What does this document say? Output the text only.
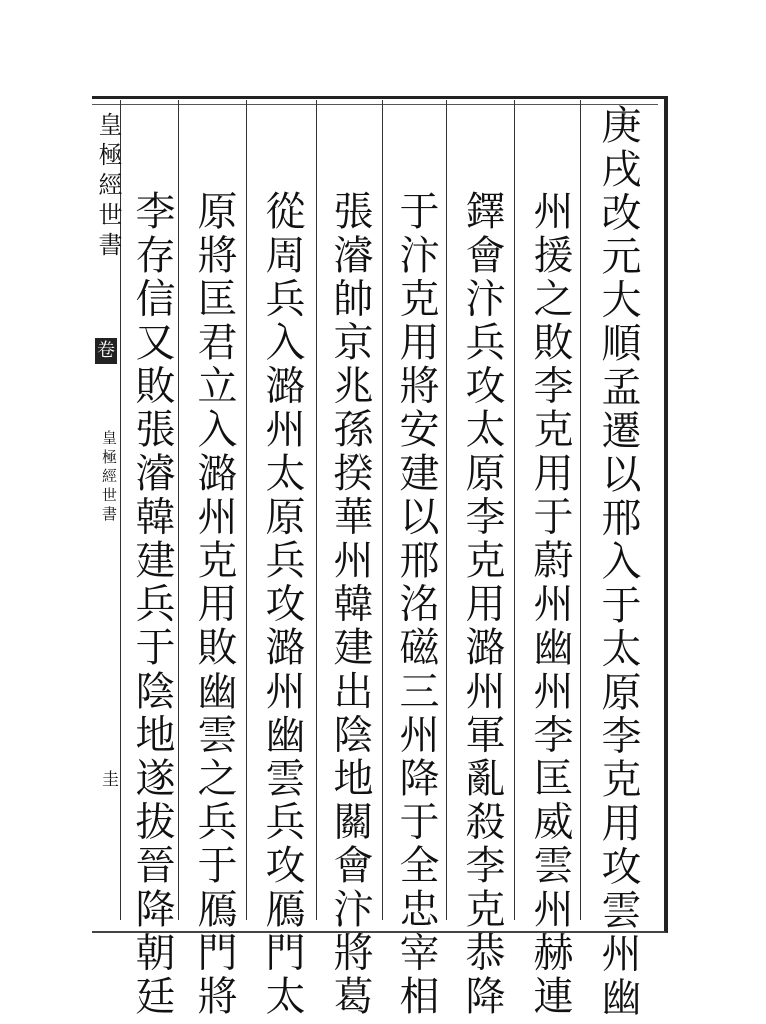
皇極經世書
卷
皇極經世書
圭	庚戌改元大順孟遷以邢入于太原李克用攻雲州幽
州援之敗李克用于蔚州幽州李匡威雲州赫連
鐸會汴兵攻太原李克用潞州軍亂殺李克恭降
于汴克用將安建以邢洺磁三州降于全忠宰相
張濬帥京兆孫揆華州韓建出陰地關會汴將葛
從周兵入潞州太原兵攻潞州幽雲兵攻鴈門太
原將匡君立入潞州克用敗幽雲之兵于鴈門將
李存信又敗張濬韓建兵于陰地遂拔晉降朝廷
